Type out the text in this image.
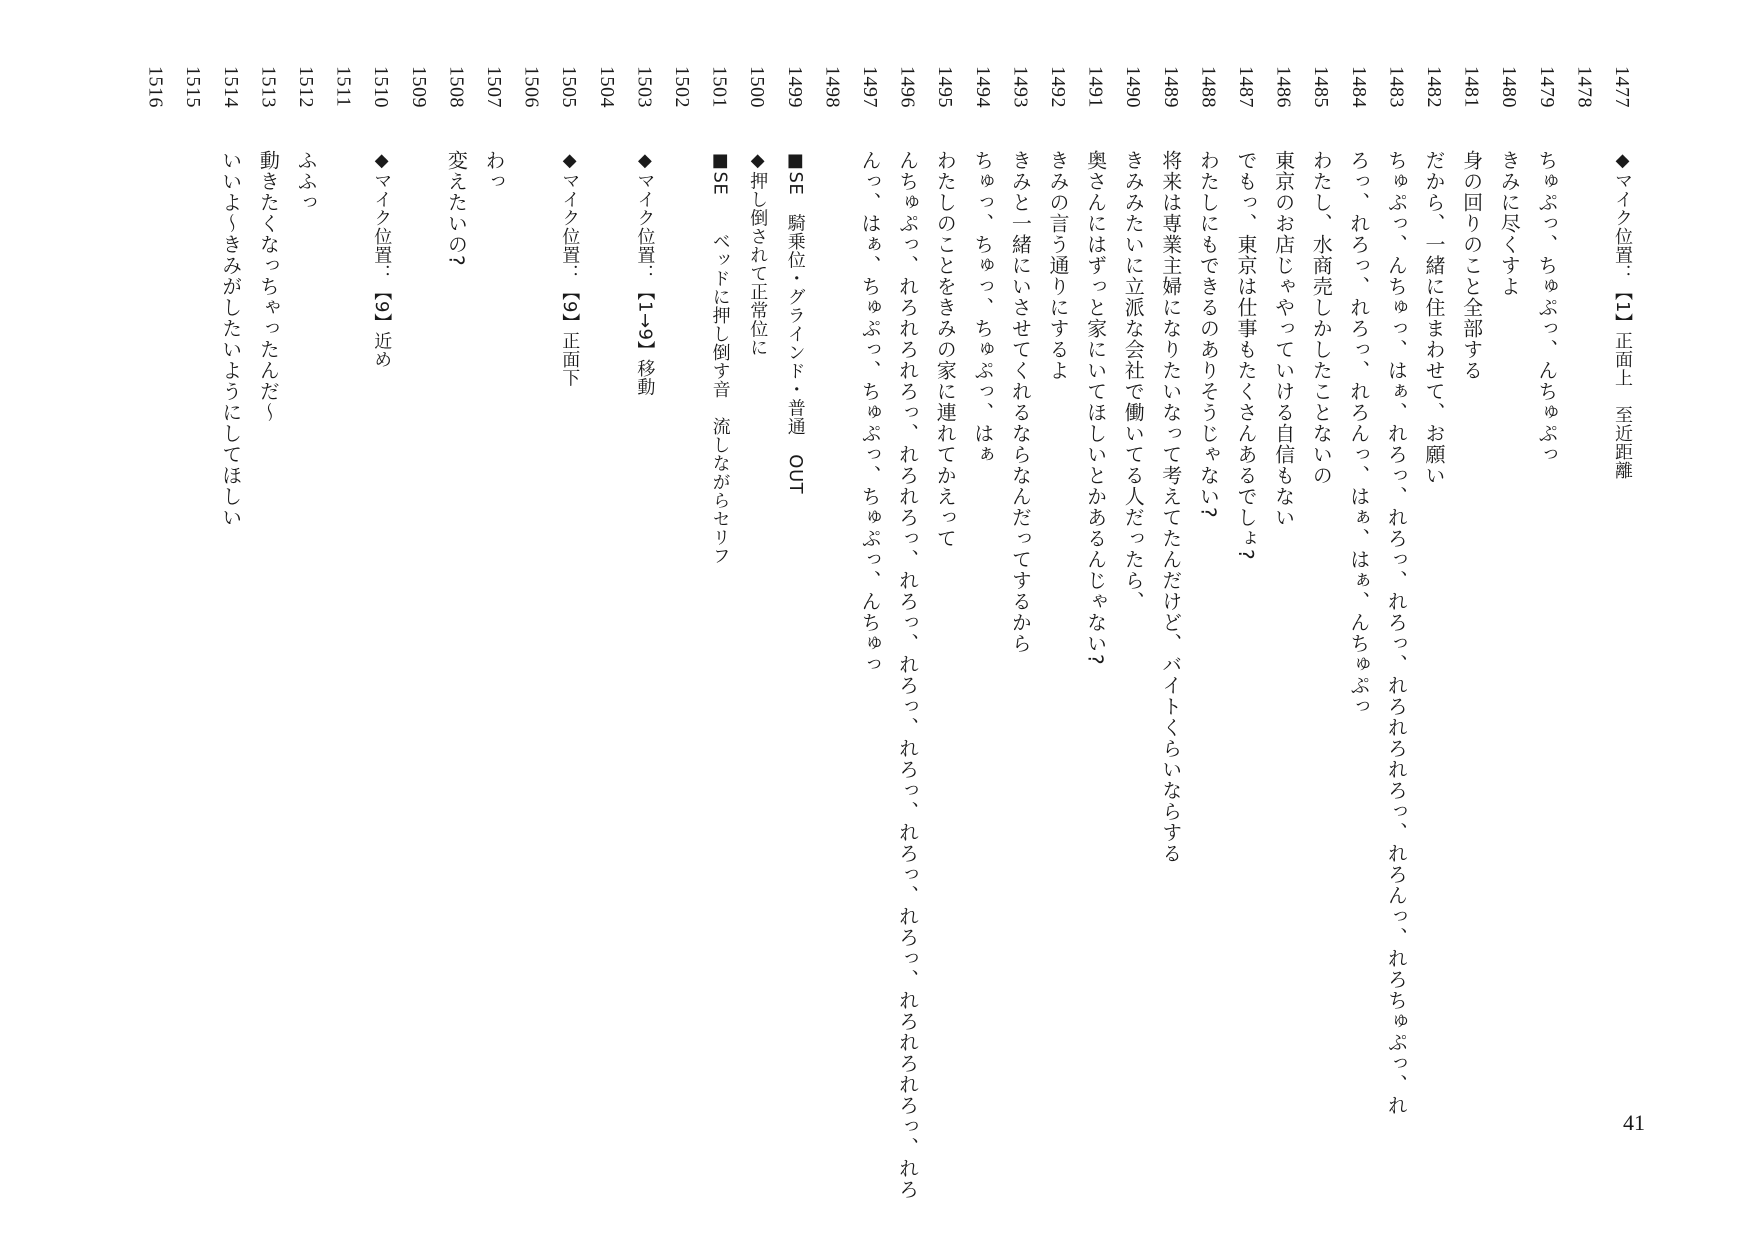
1477
◆マイク位置：【1】正面上　至近距離
1478
1479
ちゅぷっ、ちゅぷっ、んちゅぷっ
1480
きみに尽くすよ
1481
身の回りのこと全部する
1482
だから、一緒に住まわせて、お願い
1483
ちゅぷっ、んちゅっ、はぁ、れろっ、れろっ、れろっ、れろれろれろっ、れろんっ、れろちゅぷっ、れ
1484
ろっ、れろっ、れろっ、れろんっ、はぁ、はぁ、んちゅぷっ
1485
わたし、水商売しかしたことないの
1486
東京のお店じゃやっていける自信もない
1487
でもっ、東京は仕事もたくさんあるでしょ?
1488
わたしにもできるのありそうじゃない?
1489
将来は専業主婦になりたいなって考えてたんだけど、バイトくらいならする
1490
きみみたいに立派な会社で働いてる人だったら、
1491
奥さんにはずっと家にいてほしいとかあるんじゃない?
1492
きみの言う通りにするよ
1493
きみと一緒にいさせてくれるならなんだってするから
1494
ちゅっ、ちゅっ、ちゅぷっ、はぁ
1495
わたしのことをきみの家に連れてかえって
1496
んちゅぷっ、れろれろれろっ、れろれろっ、れろっ、れろっ、れろっ、れろっ、れろっ、れろれろれろっ、れろ
1497
んっ、はぁ、ちゅぷっ、ちゅぷっ、ちゅぷっ、んちゅっ
1498
1499
■SE　騎乗位・グラインド・普通　OUT
1500
◆押し倒されて正常位に
1501
■SE　　ベッドに押し倒す音　流しながらセリフ
1502
1503
◆マイク位置：【1→9】移動
1504
1505
◆マイク位置：【9】正面下
1506
1507
わっ
1508
変えたいの?
1509
1510
◆マイク位置：【9】近め
1511
1512
ふふっ
1513
動きたくなっちゃったんだ～
1514
いいよ～きみがしたいようにしてほしい
1515
1516
41
